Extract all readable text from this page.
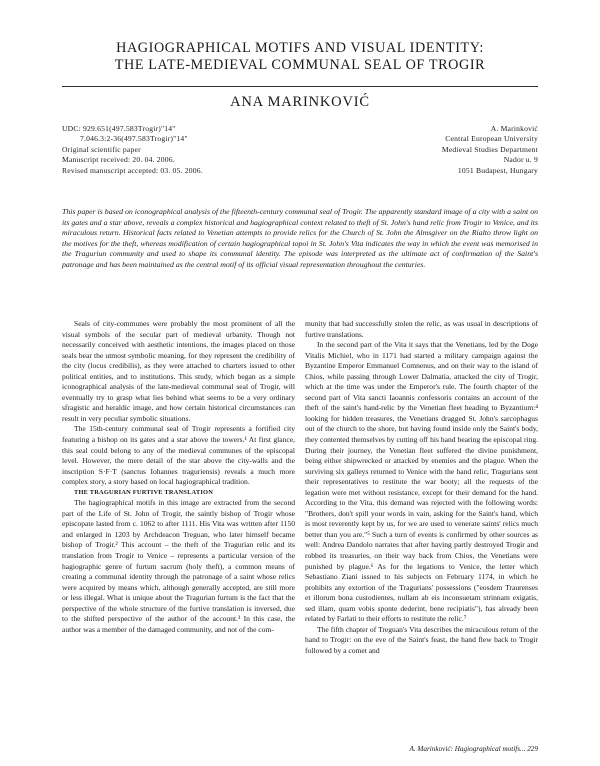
HAGIOGRAPHICAL MOTIFS AND VISUAL IDENTITY:
THE LATE-MEDIEVAL COMMUNAL SEAL OF TROGIR
ANA MARINKOVIĆ
UDC: 929.651(497.583Trogir)"14"
7.046.3:2-36(497.583Trogir)"14"
Original scientific paper
Manuscript received: 20. 04. 2006.
Revised manuscript accepted: 03. 05. 2006.
A. Marinković
Central European University
Medieval Studies Department
Nador u. 9
1051 Budapest, Hungary
This paper is based on iconographical analysis of the fifteenth-century communal seal of Trogir. The apparently standard image of a city with a saint on its gates and a star above, reveals a complex historical and hagiographical context related to theft of St. John's hand relic from Trogir to Venice, and its miraculous return. Historical facts related to Venetian attempts to provide relics for the Church of St. John the Almsgiver on the Rialto throw light on the motives for the theft, whereas modification of certain hagiographical topoi in St. John's Vita indicates the way in which the event was memorised in the Traguriun community and used to shape its communal identity. The episode was interpreted as the ultimate act of confirmation of the Saint's patronage and has been maintained as the central motif of its official visual representation throughout the centuries.

Seals of city-communes were probably the most prominent of all the visual symbols of the secular part of medieval urbanity. Though not necessarily conceived with aesthetic intentions, the images placed on those seals bear the utmost symbolic meaning, for they represent the credibility of the city (locus credibilis), as they were attached to charters issued to other political entities, and to institutions. This study, which began as a simple iconographical analysis of the late-medieval communal seal of Trogir, will eventually try to grasp what lies behind what seems to be a very ordinary sfragistic and heraldic image, and how certain historical circumstances can result in very peculiar symbolic situations.

The 15th-century communal seal of Trogir represents a fortified city featuring a bishop on its gates and a star above the towers.¹ At first glance, this seal could belong to any of the medieval communes of the episcopal level. However, the mere detail of the star above the city-walls and the inscription S·F·T (sanctus Iohannes traguriensis) reveals a much more complex story, a story based on local hagiographical tradition.

THE TRAGURIAN FURTIVE TRANSLATION

The hagiographical motifs in this image are extracted from the second part of the Life of St. John of Trogir, the saintly bishop of Trogir whose episcopate lasted from c. 1062 to after 1111. His Vita was written after 1150 and enlarged in 1203 by Archdeacon Treguan, who later himself became bishop of Trogir.² This account – the theft of the Tragurian relic and its translation from Trogir to Venice – represents a particular version of the hagiographic genre of furtum sacrum (holy theft), a common means of creating a communal identity through the patronage of a saint whose relics were acquired by means which, although generally accepted, are still more or less illegal. What is unique about the Tragurian furtum is the fact that the perspective of the whole structure of the furtive translation is inversed, due to the shifted perspective of the author of the account.³ In this case, the author was a member of the damaged community, and not of the com-

munity that had successfully stolen the relic, as was usual in descriptions of furtive translations.

In the second part of the Vita it says that the Venetians, led by the Doge Vitalis Michiel, who in 1171 had started a military campaign against the Byzantine Emperor Emmanuel Comnenus, and on their way to the island of Chios, while passing through Lower Dalmatia, attacked the city of Trogir, which at the time was under the Emperor's rule. The fourth chapter of the second part of Vita sancti Iaoannis confessoris contains an account of the theft of the saint's hand-relic by the Venetian fleet heading to Byzantium:⁴ looking for hidden treasures, the Venetians dragged St. John's sarcophagus out of the church to the shore, but having found inside only the Saint's body, they contented themselves by cutting off his hand bearing the episcopal ring. During their journey, the Venetian fleet suffered the divine punishment, being either shipwrecked or attacked by enemies and the plague. When the surviving six galleys returned to Venice with the hand relic, Tragurians sent their representatives to restitute the war booty; all the requests of the legation were met without resistance, except for their demand for the hand. According to the Vita, this demand was rejected with the following words: "Brothers, don't spill your words in vain, asking for the Saint's hand, which is most reverently kept by us, for we are used to venerate saints' relics much better than you are."⁵ Such a turn of events is confirmed by other sources as well: Andrea Dandolo narrates that after having partly destroyed Trogir and robbed its treasuries, on their way back from Chios, the Venetians were punished by plague.⁶ As for the legations to Venice, the letter which Sebastiano Ziani issued to his subjects on February 1174, in which he prohibits any extortion of the Tragurians' possessions ("eosdem Traurenses et illorum bona custodientes, nullam ab eis inconsuetam strinnam exigatis, sed illam, quam vobis sponte dederint, bene recipiatis"), has already been related by Farlati to their efforts to restitute the relic.⁷

The fifth chapter of Treguan's Vita describes the miraculous return of the hand to Trogir: on the eve of the Saint's feast, the hand flew back to Trogir followed by a comet and

A. Marinković: Hagiographical motifs... 229
